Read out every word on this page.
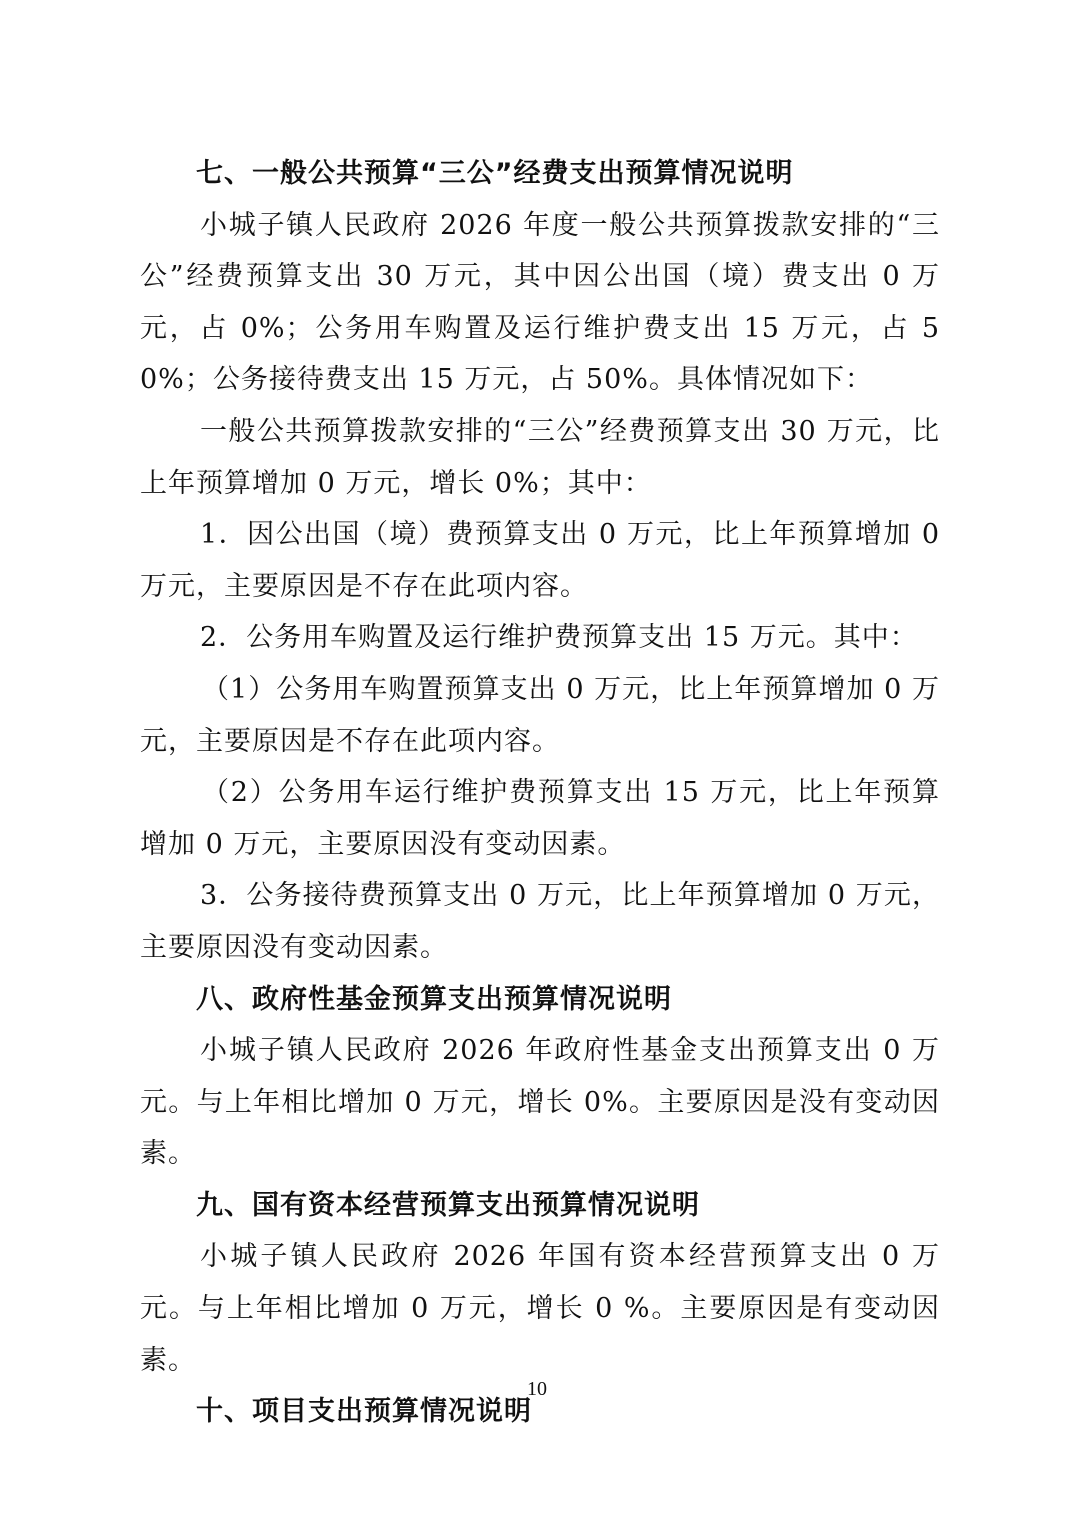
七、一般公共预算“三公”经费支出预算情况说明

小城子镇人民政府 2026 年度一般公共预算拨款安排的“三公”经费预算支出 30 万元，其中因公出国（境）费支出 0 万元，占 0%；公务用车购置及运行维护费支出 15 万元，占 50%；公务接待费支出 15 万元，占 50%。具体情况如下：

一般公共预算拨款安排的“三公”经费预算支出 30 万元，比上年预算增加 0 万元，增长 0%；其中：

1．因公出国（境）费预算支出 0 万元，比上年预算增加 0 万元，主要原因是不存在此项内容。

2．公务用车购置及运行维护费预算支出 15 万元。其中：

（1）公务用车购置预算支出 0 万元，比上年预算增加 0 万元，主要原因是不存在此项内容。

（2）公务用车运行维护费预算支出 15 万元，比上年预算增加 0 万元，主要原因没有变动因素。

3．公务接待费预算支出 0 万元，比上年预算增加 0 万元，主要原因没有变动因素。

八、政府性基金预算支出预算情况说明

小城子镇人民政府 2026 年政府性基金支出预算支出 0 万元。与上年相比增加 0 万元，增长 0%。主要原因是没有变动因素。

九、国有资本经营预算支出预算情况说明

小城子镇人民政府 2026 年国有资本经营预算支出 0 万元。与上年相比增加 0 万元，增长 0 %。主要原因是有变动因素。

十、项目支出预算情况说明

10
